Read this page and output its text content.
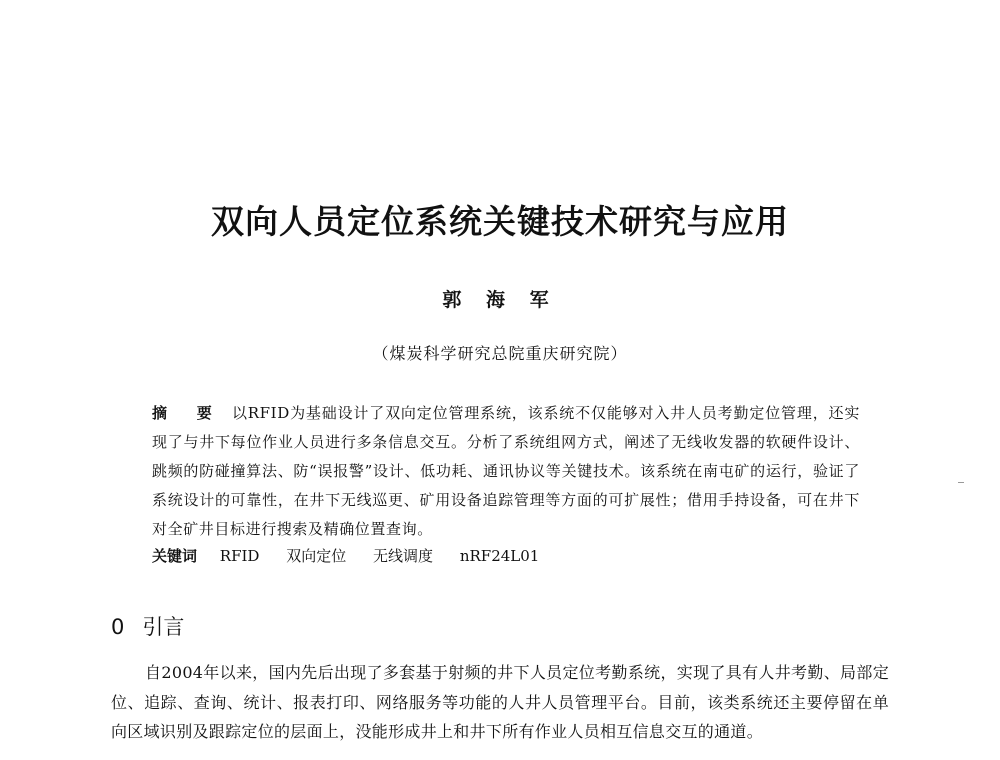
双向人员定位系统关键技术研究与应用
郭 海 军
（煤炭科学研究总院重庆研究院）
摘 要 以RFID为基础设计了双向定位管理系统，该系统不仅能够对入井人员考勤定位管理，还实现了与井下每位作业人员进行多条信息交互。分析了系统组网方式，阐述了无线收发器的软硬件设计、跳频的防碰撞算法、防“误报警”设计、低功耗、通讯协议等关键技术。该系统在南屯矿的运行，验证了系统设计的可靠性，在井下无线巡更、矿用设备追踪管理等方面的可扩展性；借用手持设备，可在井下对全矿井目标进行搜索及精确位置查询。
关键词 RFID 双向定位 无线调度 nRF24L01
0 引言
自2004年以来，国内先后出现了多套基于射频的井下人员定位考勤系统，实现了具有人井考勤、局部定位、追踪、查询、统计、报表打印、网络服务等功能的人井人员管理平台。目前，该类系统还主要停留在单向区域识别及跟踪定位的层面上，没能形成井上和井下所有作业人员相互信息交互的通道。
